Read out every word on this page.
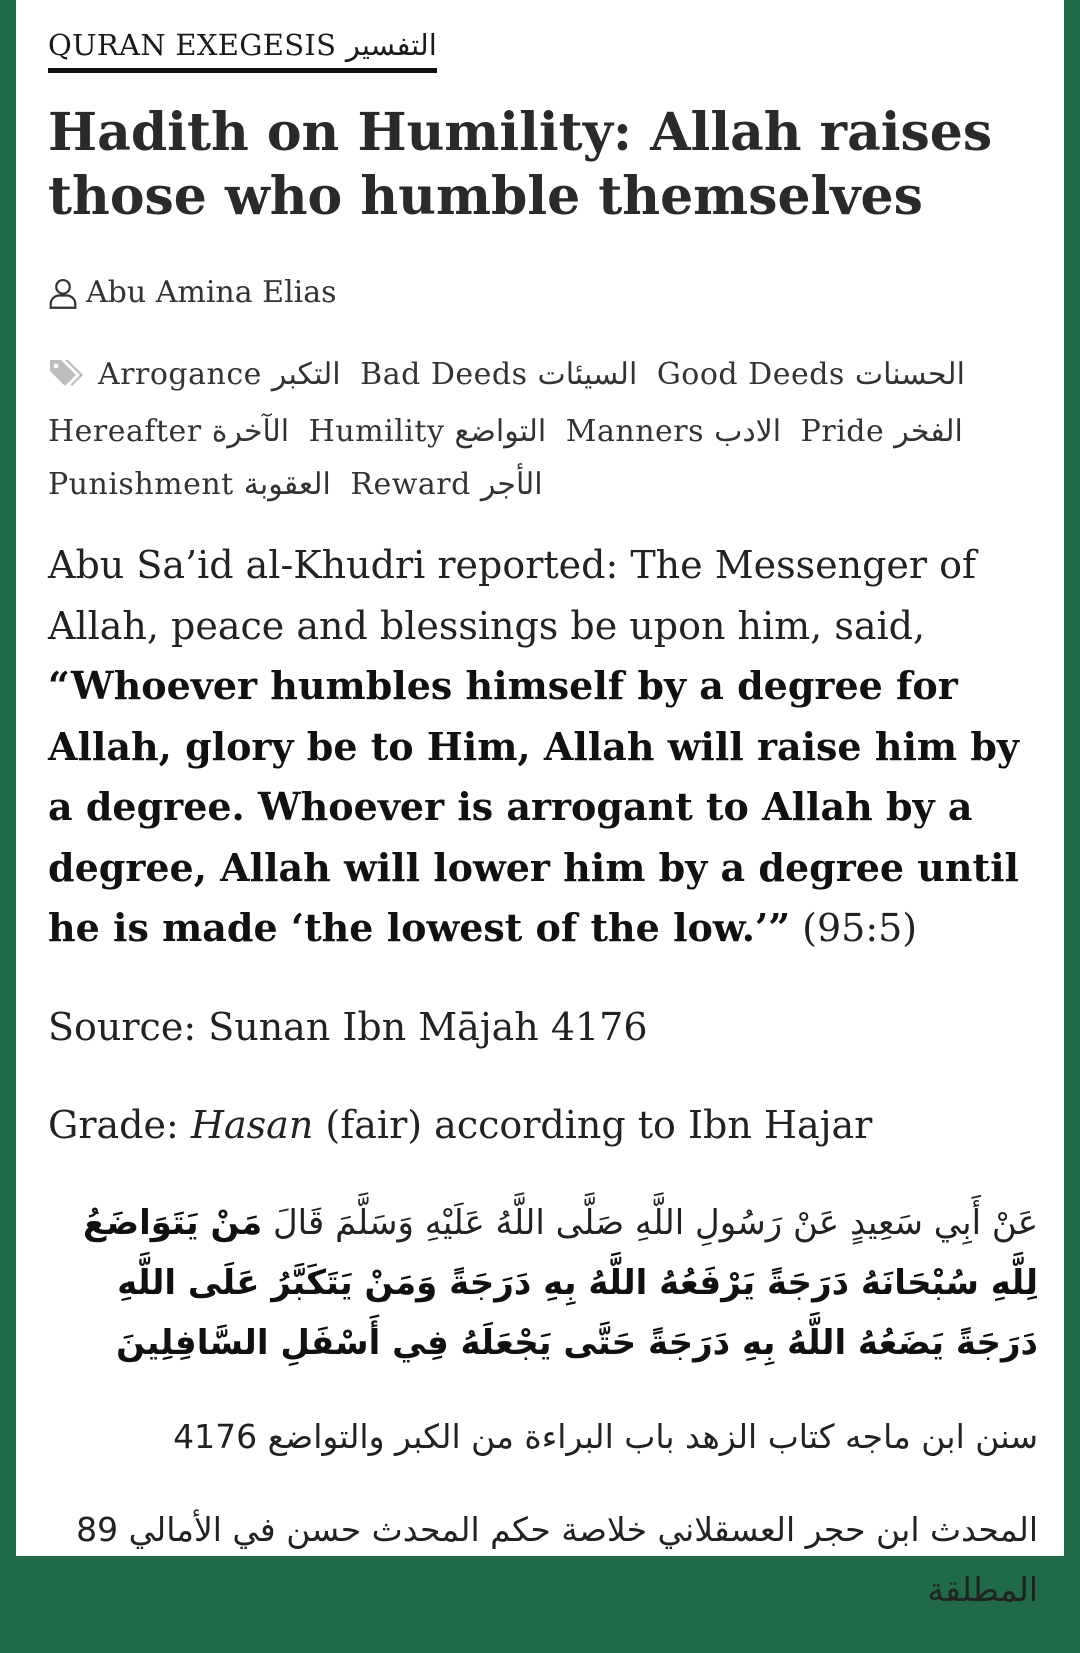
QURAN EXEGESIS التفسير
Hadith on Humility: Allah raises those who humble themselves
Abu Amina Elias
Arrogance التكبر Bad Deeds السيئات Good Deeds الحسنات Hereafter الآخرة Humility التواضع Manners الادب Pride الفخر Punishment العقوبة Reward الأجر

Abu Sa’id al-Khudri reported: The Messenger of Allah, peace and blessings be upon him, said, “Whoever humbles himself by a degree for Allah, glory be to Him, Allah will raise him by a degree. Whoever is arrogant to Allah by a degree, Allah will lower him by a degree until he is made ‘the lowest of the low.’” (95:5)

Source: Sunan Ibn Mājah 4176

Grade: Hasan (fair) according to Ibn Hajar

عَنْ أَبِي سَعِيدٍ عَنْ رَسُولِ اللَّهِ صَلَّى اللَّهُ عَلَيْهِ وَسَلَّمَ قَالَ مَنْ يَتَوَاضَعُ لِلَّهِ سُبْحَانَهُ دَرَجَةً يَرْفَعُهُ اللَّهُ بِهِ دَرَجَةً وَمَنْ يَتَكَبَّرُ عَلَى اللَّهِ دَرَجَةً يَضَعُهُ اللَّهُ بِهِ دَرَجَةً حَتَّى يَجْعَلَهُ فِي أَسْفَلِ السَّافِلِينَ

سنن ابن ماجه كتاب الزهد باب البراءة من الكبر والتواضع 4176

المحدث ابن حجر العسقلاني خلاصة حكم المحدث حسن في الأمالي 89 المطلقة
